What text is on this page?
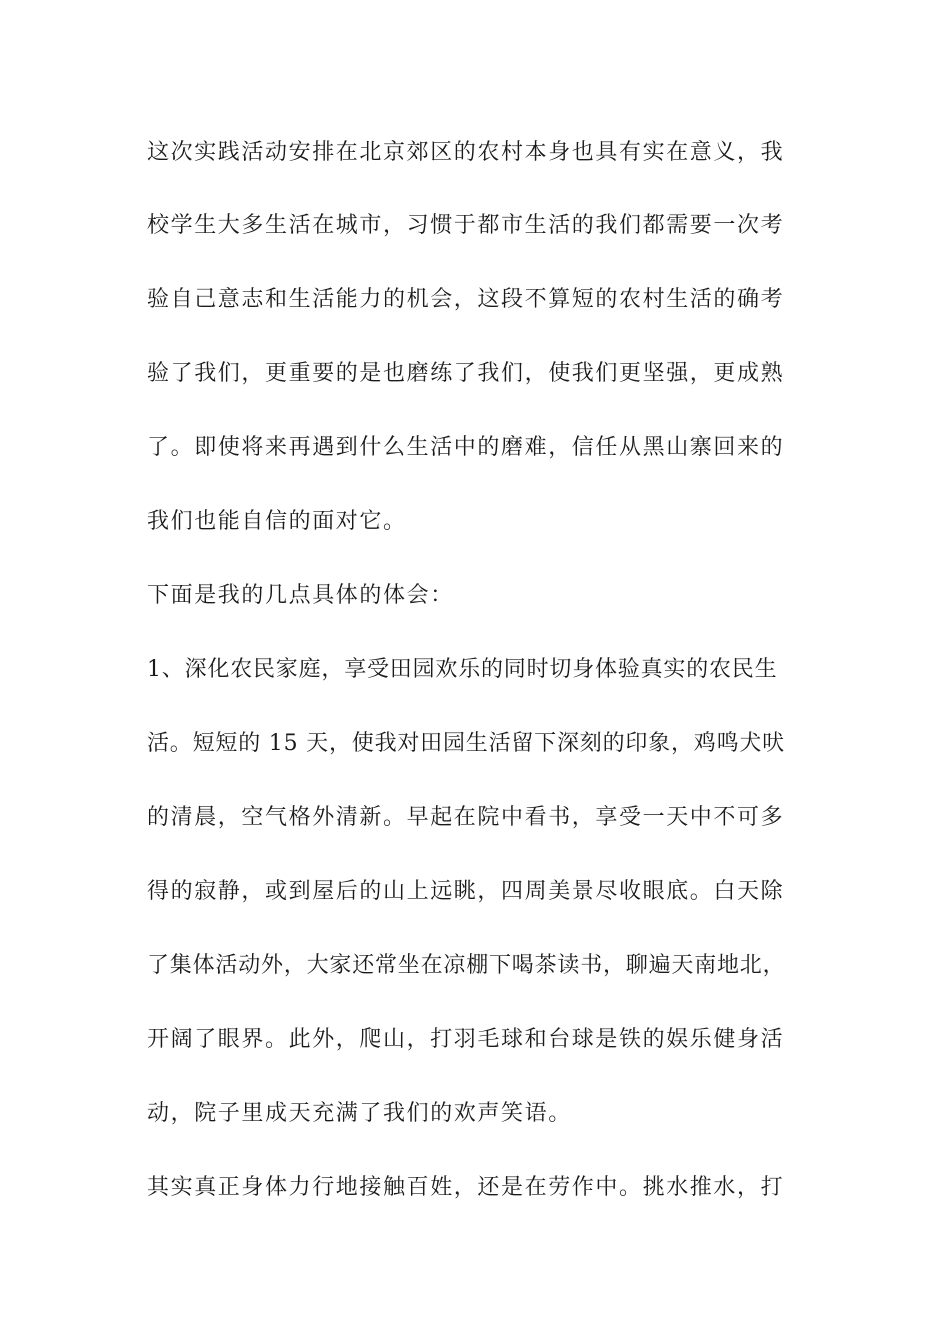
这次实践活动安排在北京郊区的农村本身也具有实在意义，我
校学生大多生活在城市，习惯于都市生活的我们都需要一次考
验自己意志和生活能力的机会，这段不算短的农村生活的确考
验了我们，更重要的是也磨练了我们，使我们更坚强，更成熟
了。即使将来再遇到什么生活中的磨难，信任从黑山寨回来的
我们也能自信的面对它。
下面是我的几点具体的体会：
1、深化农民家庭，享受田园欢乐的同时切身体验真实的农民生
活。短短的 15 天，使我对田园生活留下深刻的印象，鸡鸣犬吠
的清晨，空气格外清新。早起在院中看书，享受一天中不可多
得的寂静，或到屋后的山上远眺，四周美景尽收眼底。白天除
了集体活动外，大家还常坐在凉棚下喝茶读书，聊遍天南地北，
开阔了眼界。此外，爬山，打羽毛球和台球是铁的娱乐健身活
动，院子里成天充满了我们的欢声笑语。
其实真正身体力行地接触百姓，还是在劳作中。挑水推水，打
